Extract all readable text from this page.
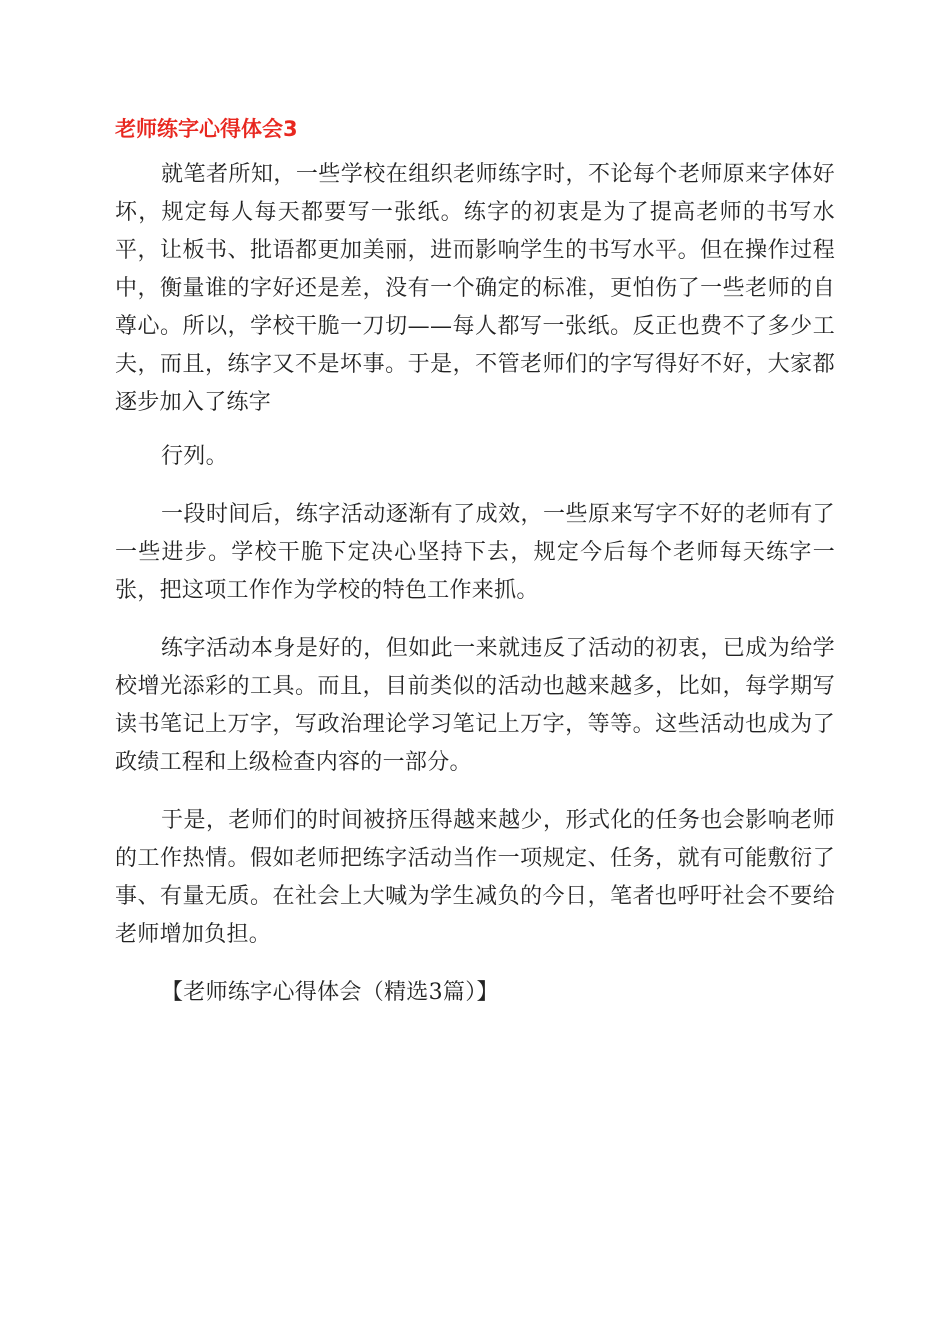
老师练字心得体会3

就笔者所知，一些学校在组织老师练字时，不论每个老师原来字体好坏，规定每人每天都要写一张纸。练字的初衷是为了提高老师的书写水平，让板书、批语都更加美丽，进而影响学生的书写水平。但在操作过程中，衡量谁的字好还是差，没有一个确定的标准，更怕伤了一些老师的自尊心。所以，学校干脆一刀切——每人都写一张纸。反正也费不了多少工夫，而且，练字又不是坏事。于是，不管老师们的字写得好不好，大家都逐步加入了练字

行列。

一段时间后，练字活动逐渐有了成效，一些原来写字不好的老师有了一些进步。学校干脆下定决心坚持下去，规定今后每个老师每天练字一张，把这项工作作为学校的特色工作来抓。

练字活动本身是好的，但如此一来就违反了活动的初衷，已成为给学校增光添彩的工具。而且，目前类似的活动也越来越多，比如，每学期写读书笔记上万字，写政治理论学习笔记上万字，等等。这些活动也成为了政绩工程和上级检查内容的一部分。

于是，老师们的时间被挤压得越来越少，形式化的任务也会影响老师的工作热情。假如老师把练字活动当作一项规定、任务，就有可能敷衍了事、有量无质。在社会上大喊为学生减负的今日，笔者也呼吁社会不要给老师增加负担。

【老师练字心得体会（精选3篇）】
